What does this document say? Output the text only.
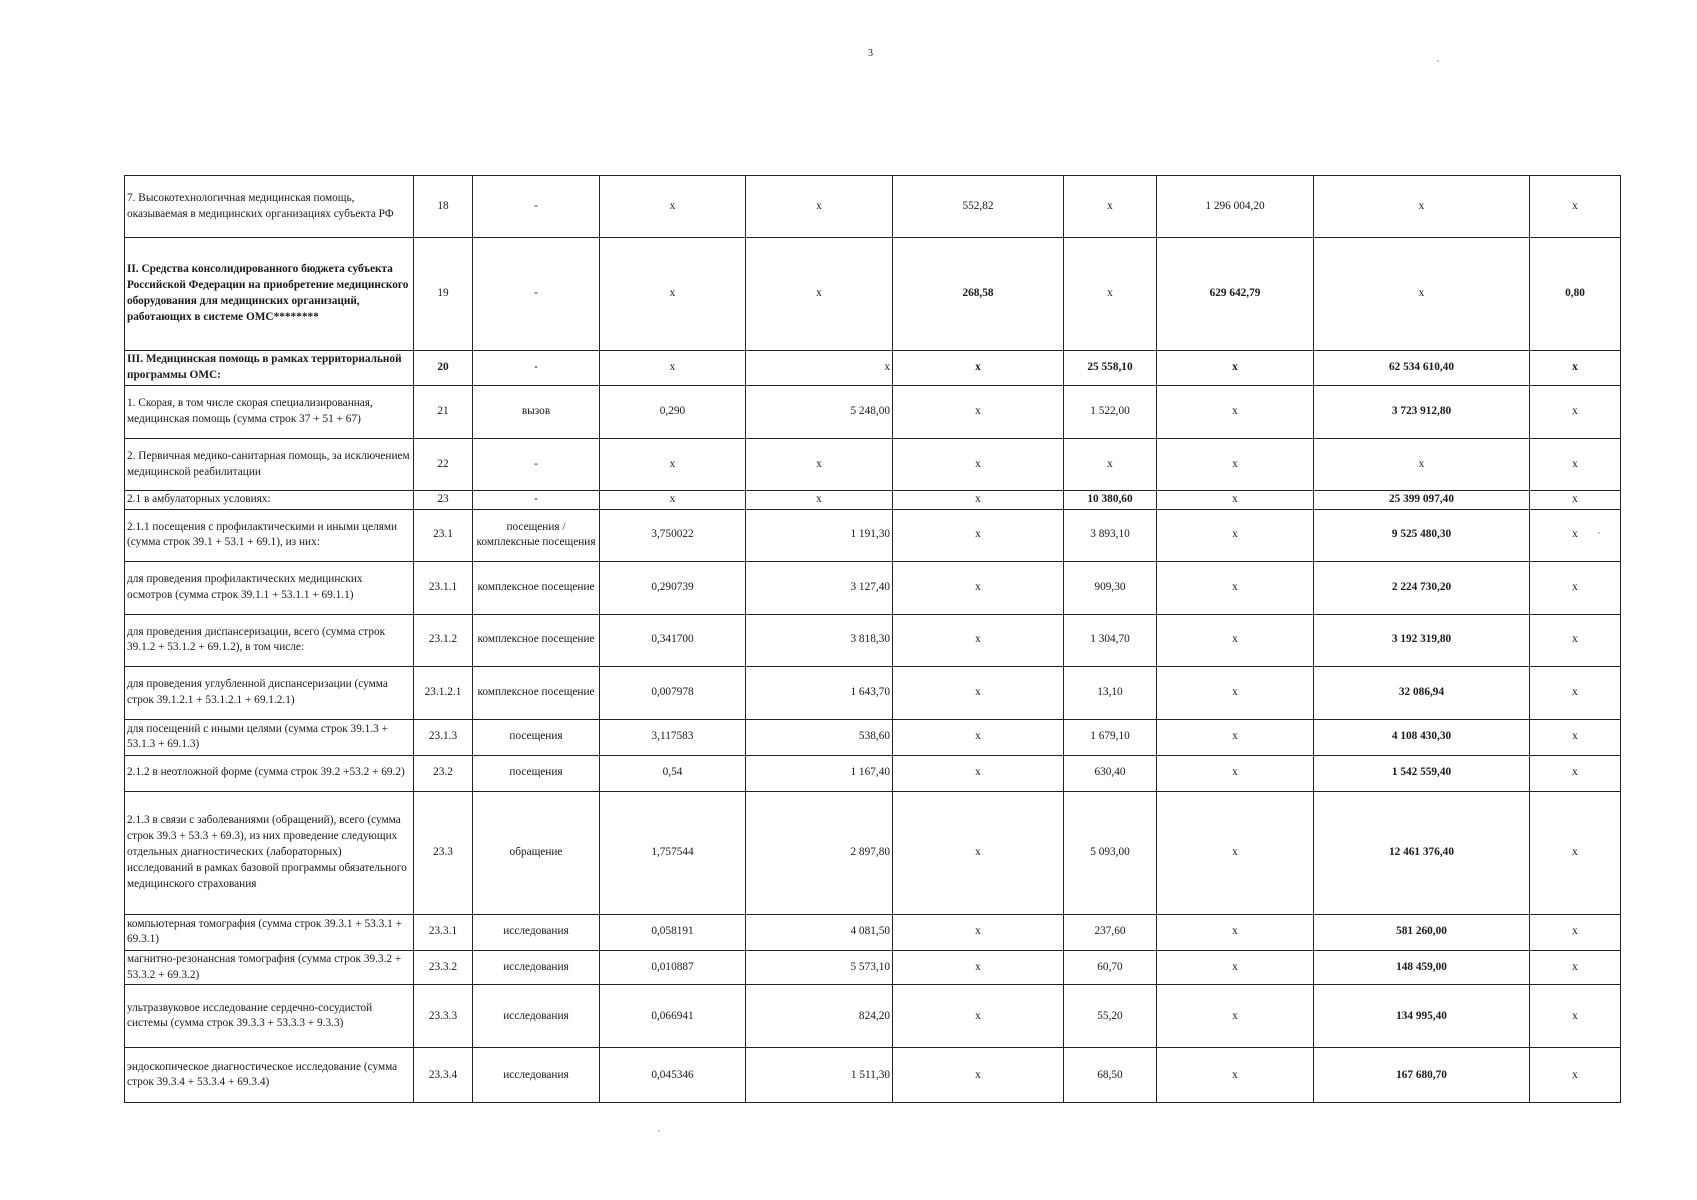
3
7. Высокотехнологичная медицинская помощь, оказываемая в медицинских организациях субъекта РФ	18	-	x	x	552,82	x	1 296 004,20	x	x
II. Средства консолидированного бюджета субъекта Российской Федерации на приобретение медицинского оборудования для медицинских организаций, работающих в системе ОМС********	19	-	x	x	268,58	x	629 642,79	x	0,80
III. Медицинская помощь в рамках территориальной программы ОМС:	20	-	x	x	x	25 558,10	x	62 534 610,40	x
1. Скорая, в том числе скорая специализированная, медицинская помощь (сумма строк 37 + 51 + 67)	21	вызов	0,290	5 248,00	x	1 522,00	x	3 723 912,80	x
2. Первичная медико-санитарная помощь, за исключением медицинской реабилитации	22	-	x	x	x	x	x	x	x
2.1 в амбулаторных условиях:	23	-	x	x	x	10 380,60	x	25 399 097,40	x
2.1.1 посещения с профилактическими и иными целями (сумма строк 39.1 + 53.1 + 69.1), из них:	23.1	посещения / комплексные посещения	3,750022	1 191,30	x	3 893,10	x	9 525 480,30	x
для проведения профилактических медицинских осмотров (сумма строк 39.1.1 + 53.1.1 + 69.1.1)	23.1.1	комплексное посещение	0,290739	3 127,40	x	909,30	x	2 224 730,20	x
для проведения диспансеризации, всего (сумма строк 39.1.2 + 53.1.2 + 69.1.2), в том числе:	23.1.2	комплексное посещение	0,341700	3 818,30	x	1 304,70	x	3 192 319,80	x
для проведения углубленной диспансеризации (сумма строк 39.1.2.1 + 53.1.2.1 + 69.1.2.1)	23.1.2.1	комплексное посещение	0,007978	1 643,70	x	13,10	x	32 086,94	x
для посещений с иными целями (сумма строк 39.1.3 + 53.1.3 + 69.1.3)	23.1.3	посещения	3,117583	538,60	x	1 679,10	x	4 108 430,30	x
2.1.2 в неотложной форме (сумма строк 39.2 +53.2 + 69.2)	23.2	посещения	0,54	1 167,40	x	630,40	x	1 542 559,40	x
2.1.3 в связи с заболеваниями (обращений), всего (сумма строк 39.3 + 53.3 + 69.3), из них проведение следующих отдельных диагностических (лабораторных) исследований в рамках базовой программы обязательного медицинского страхования	23.3	обращение	1,757544	2 897,80	x	5 093,00	x	12 461 376,40	x
компьютерная томография (сумма строк 39.3.1 + 53.3.1 + 69.3.1)	23.3.1	исследования	0,058191	4 081,50	x	237,60	x	581 260,00	x
магнитно-резонансная томография (сумма строк 39.3.2 + 53.3.2 + 69.3.2)	23.3.2	исследования	0,010887	5 573,10	x	60,70	x	148 459,00	x
ультразвуковое исследование сердечно-сосудистой системы (сумма строк 39.3.3 + 53.3.3 + 9.3.3)	23.3.3	исследования	0,066941	824,20	x	55,20	x	134 995,40	x
эндоскопическое диагностическое исследование (сумма строк 39.3.4 + 53.3.4 + 69.3.4)	23.3.4	исследования	0,045346	1 511,30	x	68,50	x	167 680,70	x
